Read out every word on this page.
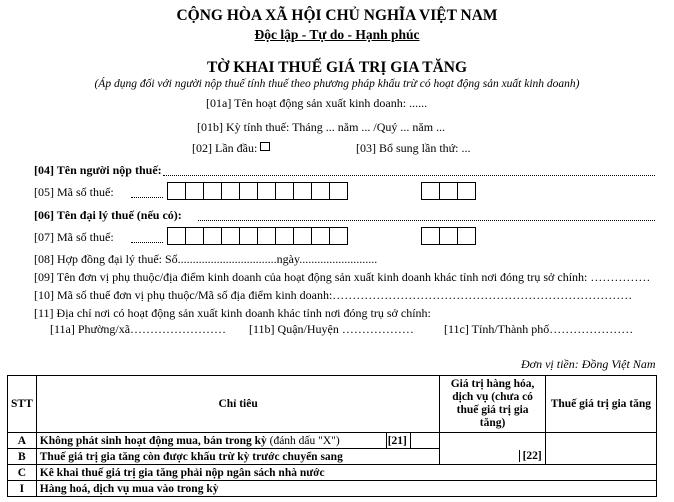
CỘNG HÒA XÃ HỘI CHỦ NGHĨA VIỆT NAM
Độc lập - Tự do - Hạnh phúc
TỜ KHAI THUẾ GIÁ TRỊ GIA TĂNG
(Áp dụng đối với người nộp thuế tính thuế theo phương pháp khấu trừ có hoạt động sản xuất kinh doanh)
[01a] Tên hoạt động sản xuất kinh doanh: ......
[01b] Kỳ tính thuế: Tháng ... năm ... /Quý ... năm ...
[02] Lần đầu:	[03] Bổ sung lần thứ: ...
[04] Tên người nộp thuế:
[05] Mã số thuế:
[06] Tên đại lý thuế (nếu có):
[07] Mã số thuế:
[08] Hợp đồng đại lý thuế: Số.................................ngày..........................
[09] Tên đơn vị phụ thuộc/địa điểm kinh doanh của hoạt động sản xuất kinh doanh khác tỉnh nơi đóng trụ sở chính: ……………
[10] Mã số thuế đơn vị phụ thuộc/Mã số địa điểm kinh doanh:…………………………………………………………………
[11] Địa chỉ nơi có hoạt động sản xuất kinh doanh khác tỉnh nơi đóng trụ sở chính:
[11a] Phường/xã…………………… [11b] Quận/Huyện ………………	[11c] Tỉnh/Thành phố…………………
Đơn vị tiền: Đồng Việt Nam
STT	Chỉ tiêu			Giá trị hàng hóa, dịch vụ (chưa có thuế giá trị gia tăng)	Thuế giá trị gia tăng
A	Không phát sinh hoạt động mua, bán trong kỳ (đánh dấu "X")	[21]			
B	Thuế giá trị gia tăng còn được khấu trừ kỳ trước chuyển sang			[22]	
C	Kê khai thuế giá trị gia tăng phải nộp ngân sách nhà nước				
I	Hàng hoá, dịch vụ mua vào trong kỳ				
